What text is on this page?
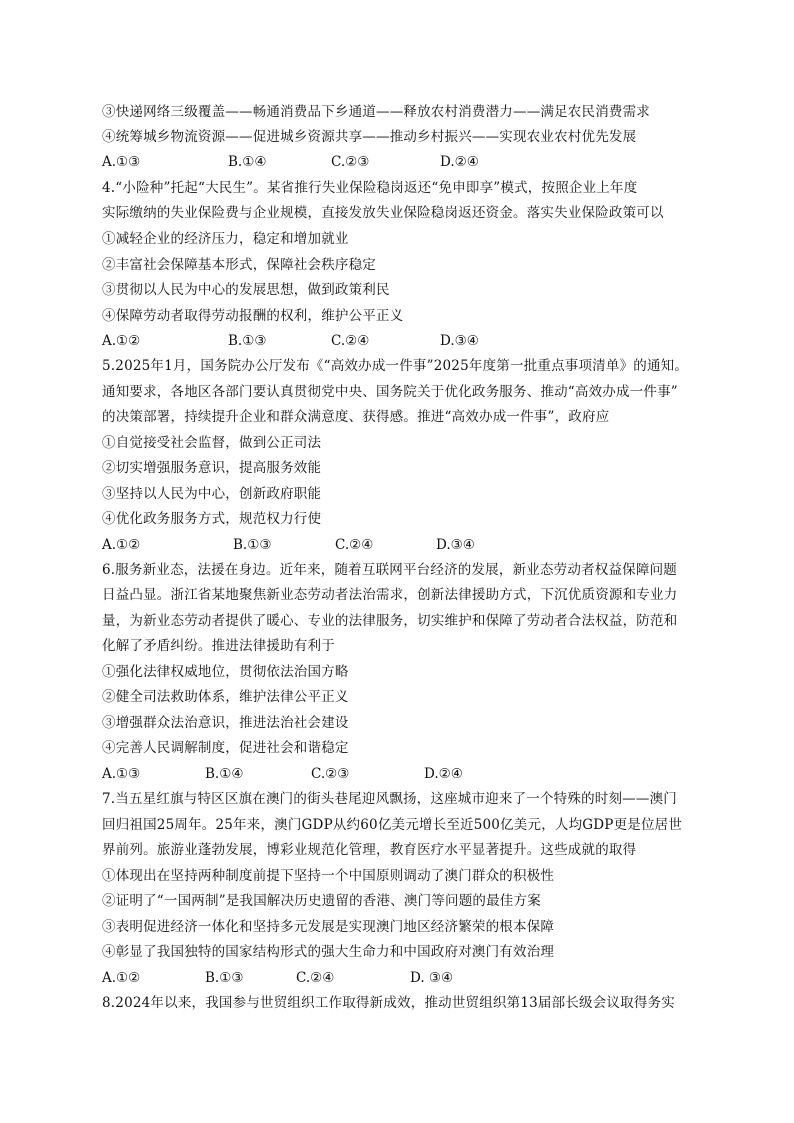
③快递网络三级覆盖——畅通消费品下乡通道——释放农村消费潜力——满足农民消费需求
④统筹城乡物流资源——促进城乡资源共享——推动乡村振兴——实现农业农村优先发展
A.①③	B.①④	C.②③	D.②④
4.“小险种”托起“大民生”。某省推行失业保险稳岗返还“免申即享”模式，按照企业上年度
实际缴纳的失业保险费与企业规模，直接发放失业保险稳岗返还资金。落实失业保险政策可以
①减轻企业的经济压力，稳定和增加就业
②丰富社会保障基本形式，保障社会秩序稳定
③贯彻以人民为中心的发展思想，做到政策利民
④保障劳动者取得劳动报酬的权利，维护公平正义
A.①②	B.①③	C.②④	D.③④
5.2025年1月，国务院办公厅发布《“高效办成一件事”2025年度第一批重点事项清单》的通知。
通知要求，各地区各部门要认真贯彻党中央、国务院关于优化政务服务、推动“高效办成一件事”
的决策部署，持续提升企业和群众满意度、获得感。推进“高效办成一件事”，政府应
①自觉接受社会监督，做到公正司法
②切实增强服务意识，提高服务效能
③坚持以人民为中心，创新政府职能
④优化政务服务方式，规范权力行使
A.①②	B.①③	C.②④	D.③④
6.服务新业态，法援在身边。近年来，随着互联网平台经济的发展，新业态劳动者权益保障问题
日益凸显。浙江省某地聚焦新业态劳动者法治需求，创新法律援助方式，下沉优质资源和专业力
量，为新业态劳动者提供了暖心、专业的法律服务，切实维护和保障了劳动者合法权益，防范和
化解了矛盾纠纷。推进法律援助有利于
①强化法律权威地位，贯彻依法治国方略
②健全司法救助体系，维护法律公平正义
③增强群众法治意识，推进法治社会建设
④完善人民调解制度，促进社会和谐稳定
A.①③	B.①④	C.②③	D.②④
7.当五星红旗与特区区旗在澳门的街头巷尾迎风飘扬，这座城市迎来了一个特殊的时刻——澳门
回归祖国25周年。25年来，澳门GDP从约60亿美元增长至近500亿美元，人均GDP更是位居世
界前列。旅游业蓬勃发展，博彩业规范化管理，教育医疗水平显著提升。这些成就的取得
①体现出在坚持两种制度前提下坚持一个中国原则调动了澳门群众的积极性
②证明了“一国两制”是我国解决历史遗留的香港、澳门等问题的最佳方案
③表明促进经济一体化和坚持多元发展是实现澳门地区经济繁荣的根本保障
④彰显了我国独特的国家结构形式的强大生命力和中国政府对澳门有效治理
A.①②	B.①③	C.②④	D. ③④
8.2024年以来，我国参与世贸组织工作取得新成效，推动世贸组织第13届部长级会议取得务实
